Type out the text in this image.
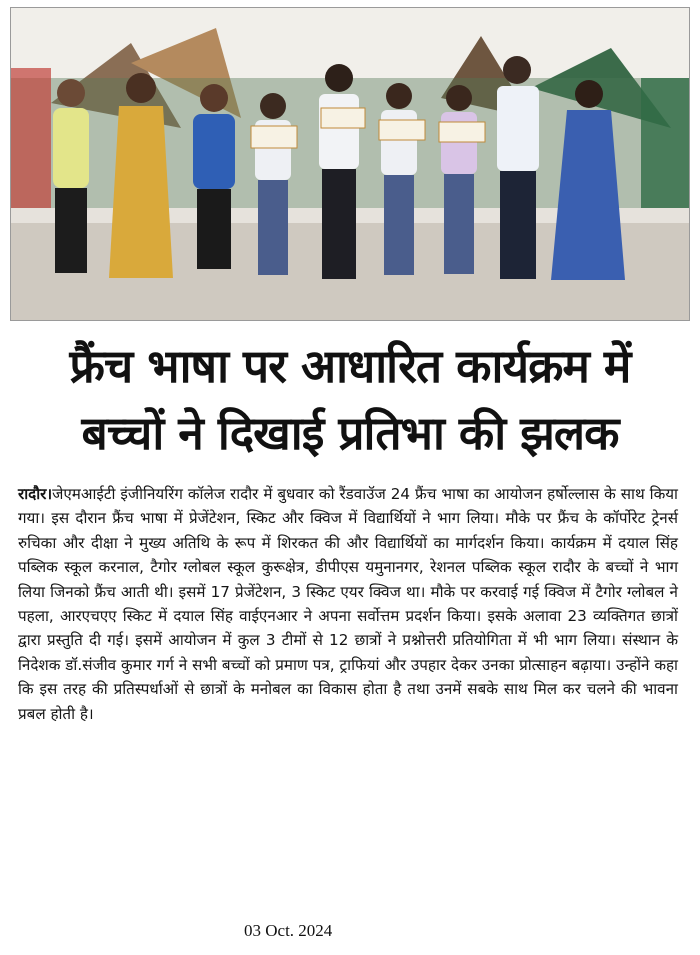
फ्रैंच भाषा पर आधारित कार्यक्रम में
बच्चों ने दिखाई प्रतिभा की झलक

रादौर।जेएमआईटी इंजीनियरिंग कॉलेज रादौर में बुधवार को रैंडवाउॅज 24 फ्रैंच भाषा का आयोजन हर्षोल्लास के साथ किया गया। इस दौरान फ्रैंच भाषा में प्रेजेंटेशन, स्किट और क्विज में विद्यार्थियों ने भाग लिया। मौके पर फ्रैंच के कॉर्पोरेट ट्रेनर्स रुचिका और दीक्षा ने मुख्य अतिथि के रूप में शिरकत की और विद्यार्थियों का मार्गदर्शन किया। कार्यक्रम में दयाल सिंह पब्लिक स्कूल करनाल, टैगोर ग्लोबल स्कूल कुरूक्षेत्र, डीपीएस यमुनानगर, रेशनल पब्लिक स्कूल रादौर के बच्चों ने भाग लिया जिनको फ्रैंच आती थी। इसमें 17 प्रेजेंटेशन, 3 स्किट एयर क्विज था। मौके पर करवाई गई क्विज में टैगोर ग्लोबल ने पहला, आरएचएए स्किट में दयाल सिंह वाईएनआर ने अपना सर्वोत्तम प्रदर्शन किया। इसके अलावा 23 व्यक्तिगत छात्रों द्वारा प्रस्तुति दी गई। इसमें आयोजन में कुल 3 टीमों से 12 छात्रों ने प्रश्नोत्तरी प्रतियोगिता में भी भाग लिया। संस्थान के निदेशक डॉ.संजीव कुमार गर्ग ने सभी बच्चों को प्रमाण पत्र, ट्राफियां और उपहार देकर उनका प्रोत्साहन बढ़ाया। उन्होंने कहा कि इस तरह की प्रतिस्पर्धाओं से छात्रों के मनोबल का विकास होता है तथा उनमें सबके साथ मिल कर चलने की भावना प्रबल होती है।

03 Oct. 2024
